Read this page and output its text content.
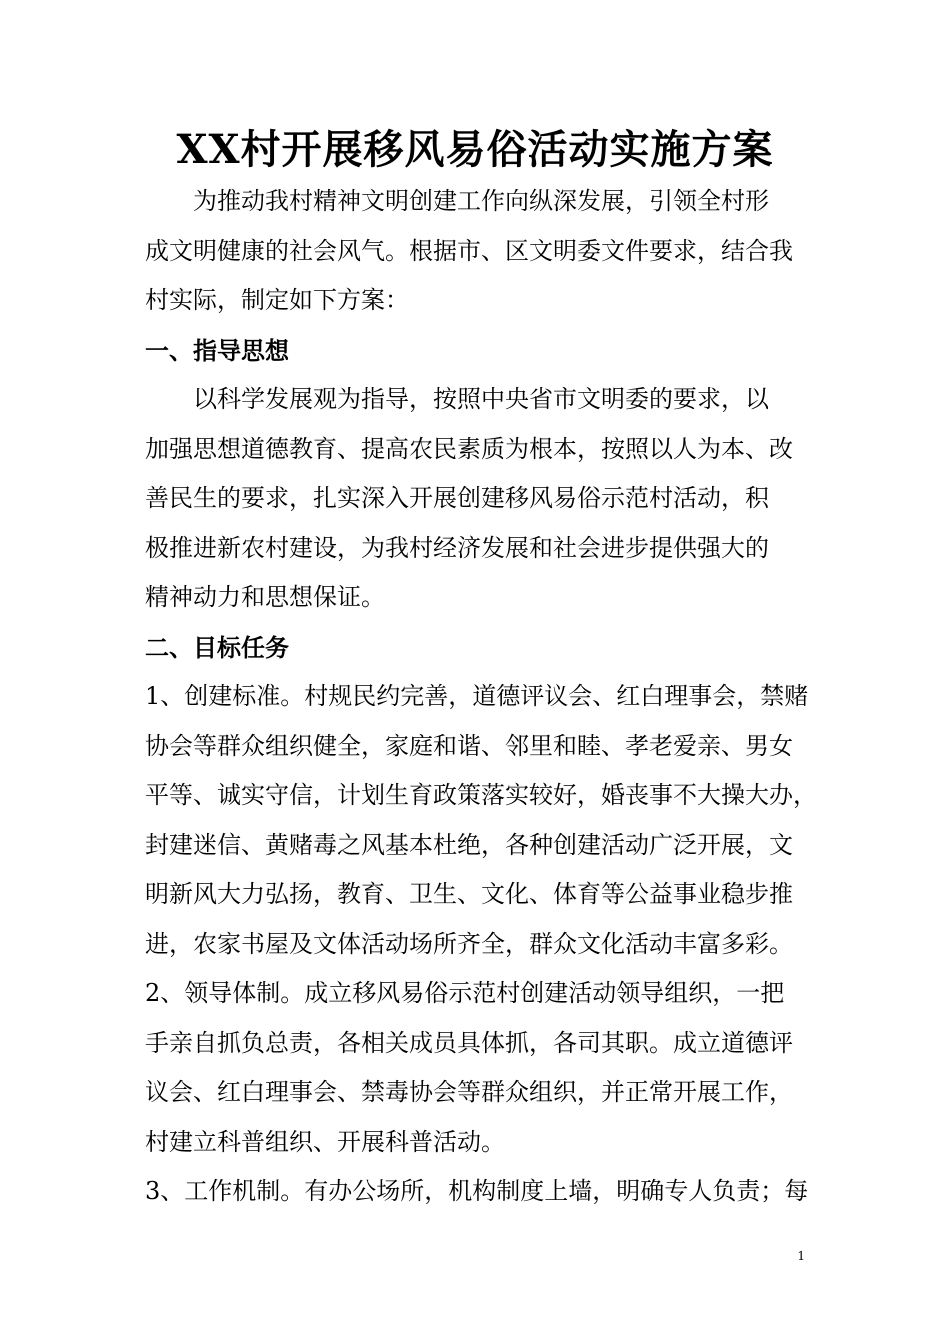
XX村开展移风易俗活动实施方案
为推动我村精神文明创建工作向纵深发展，引领全村形
成文明健康的社会风气。根据市、区文明委文件要求，结合我
村实际，制定如下方案：
一、指导思想
以科学发展观为指导，按照中央省市文明委的要求，以
加强思想道德教育、提高农民素质为根本，按照以人为本、改
善民生的要求，扎实深入开展创建移风易俗示范村活动，积
极推进新农村建设，为我村经济发展和社会进步提供强大的
精神动力和思想保证。
二、目标任务
1、创建标准。村规民约完善，道德评议会、红白理事会，禁赌
协会等群众组织健全，家庭和谐、邻里和睦、孝老爱亲、男女
平等、诚实守信，计划生育政策落实较好，婚丧事不大操大办，
封建迷信、黄赌毒之风基本杜绝，各种创建活动广泛开展，文
明新风大力弘扬，教育、卫生、文化、体育等公益事业稳步推
进，农家书屋及文体活动场所齐全，群众文化活动丰富多彩。
2、领导体制。成立移风易俗示范村创建活动领导组织，一把
手亲自抓负总责，各相关成员具体抓，各司其职。成立道德评
议会、红白理事会、禁毒协会等群众组织，并正常开展工作，
村建立科普组织、开展科普活动。
3、工作机制。有办公场所，机构制度上墙，明确专人负责；每
1
